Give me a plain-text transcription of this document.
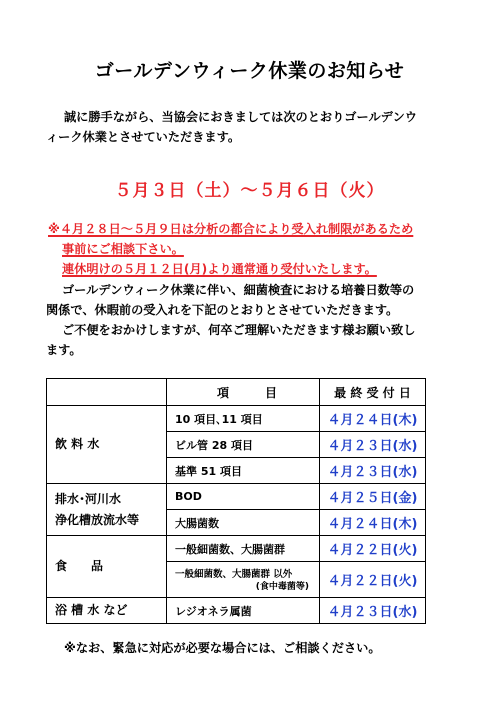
ゴールデンウィーク休業のお知らせ
誠に勝手ながら、当協会におきましては次のとおりゴールデンウ
ィーク休業とさせていただきます。
５月３日（土）～５月６日（火）
※４月２８日～５月９日は分析の都合により受入れ制限があるため
事前にご相談下さい。
連休明けの５月１２日(月)より通常通り受付いたします。
ゴールデンウィーク休業に伴い、細菌検査における培養日数等の
関係で、休暇前の受入れを下記のとおりとさせていただきます。
ご不便をおかけしますが、何卒ご理解いただきます様お願い致し
ます。
	項　　　目	最 終 受 付 日
飲 料 水	10 項目､11 項目	４月２４日(木)
	ビル管 28 項目	４月２３日(水)
	基準 51 項目	４月２３日(水)
排水･河川水
浄化槽放流水等	BOD	４月２５日(金)
	大腸菌数	４月２４日(木)
食　　品	一般細菌数、大腸菌群	４月２２日(火)
	一般細菌数、大腸菌群 以外
(食中毒菌等)	４月２２日(火)
浴 槽 水 など	レジオネラ属菌	４月２３日(水)
※なお、緊急に対応が必要な場合には、ご相談ください。
